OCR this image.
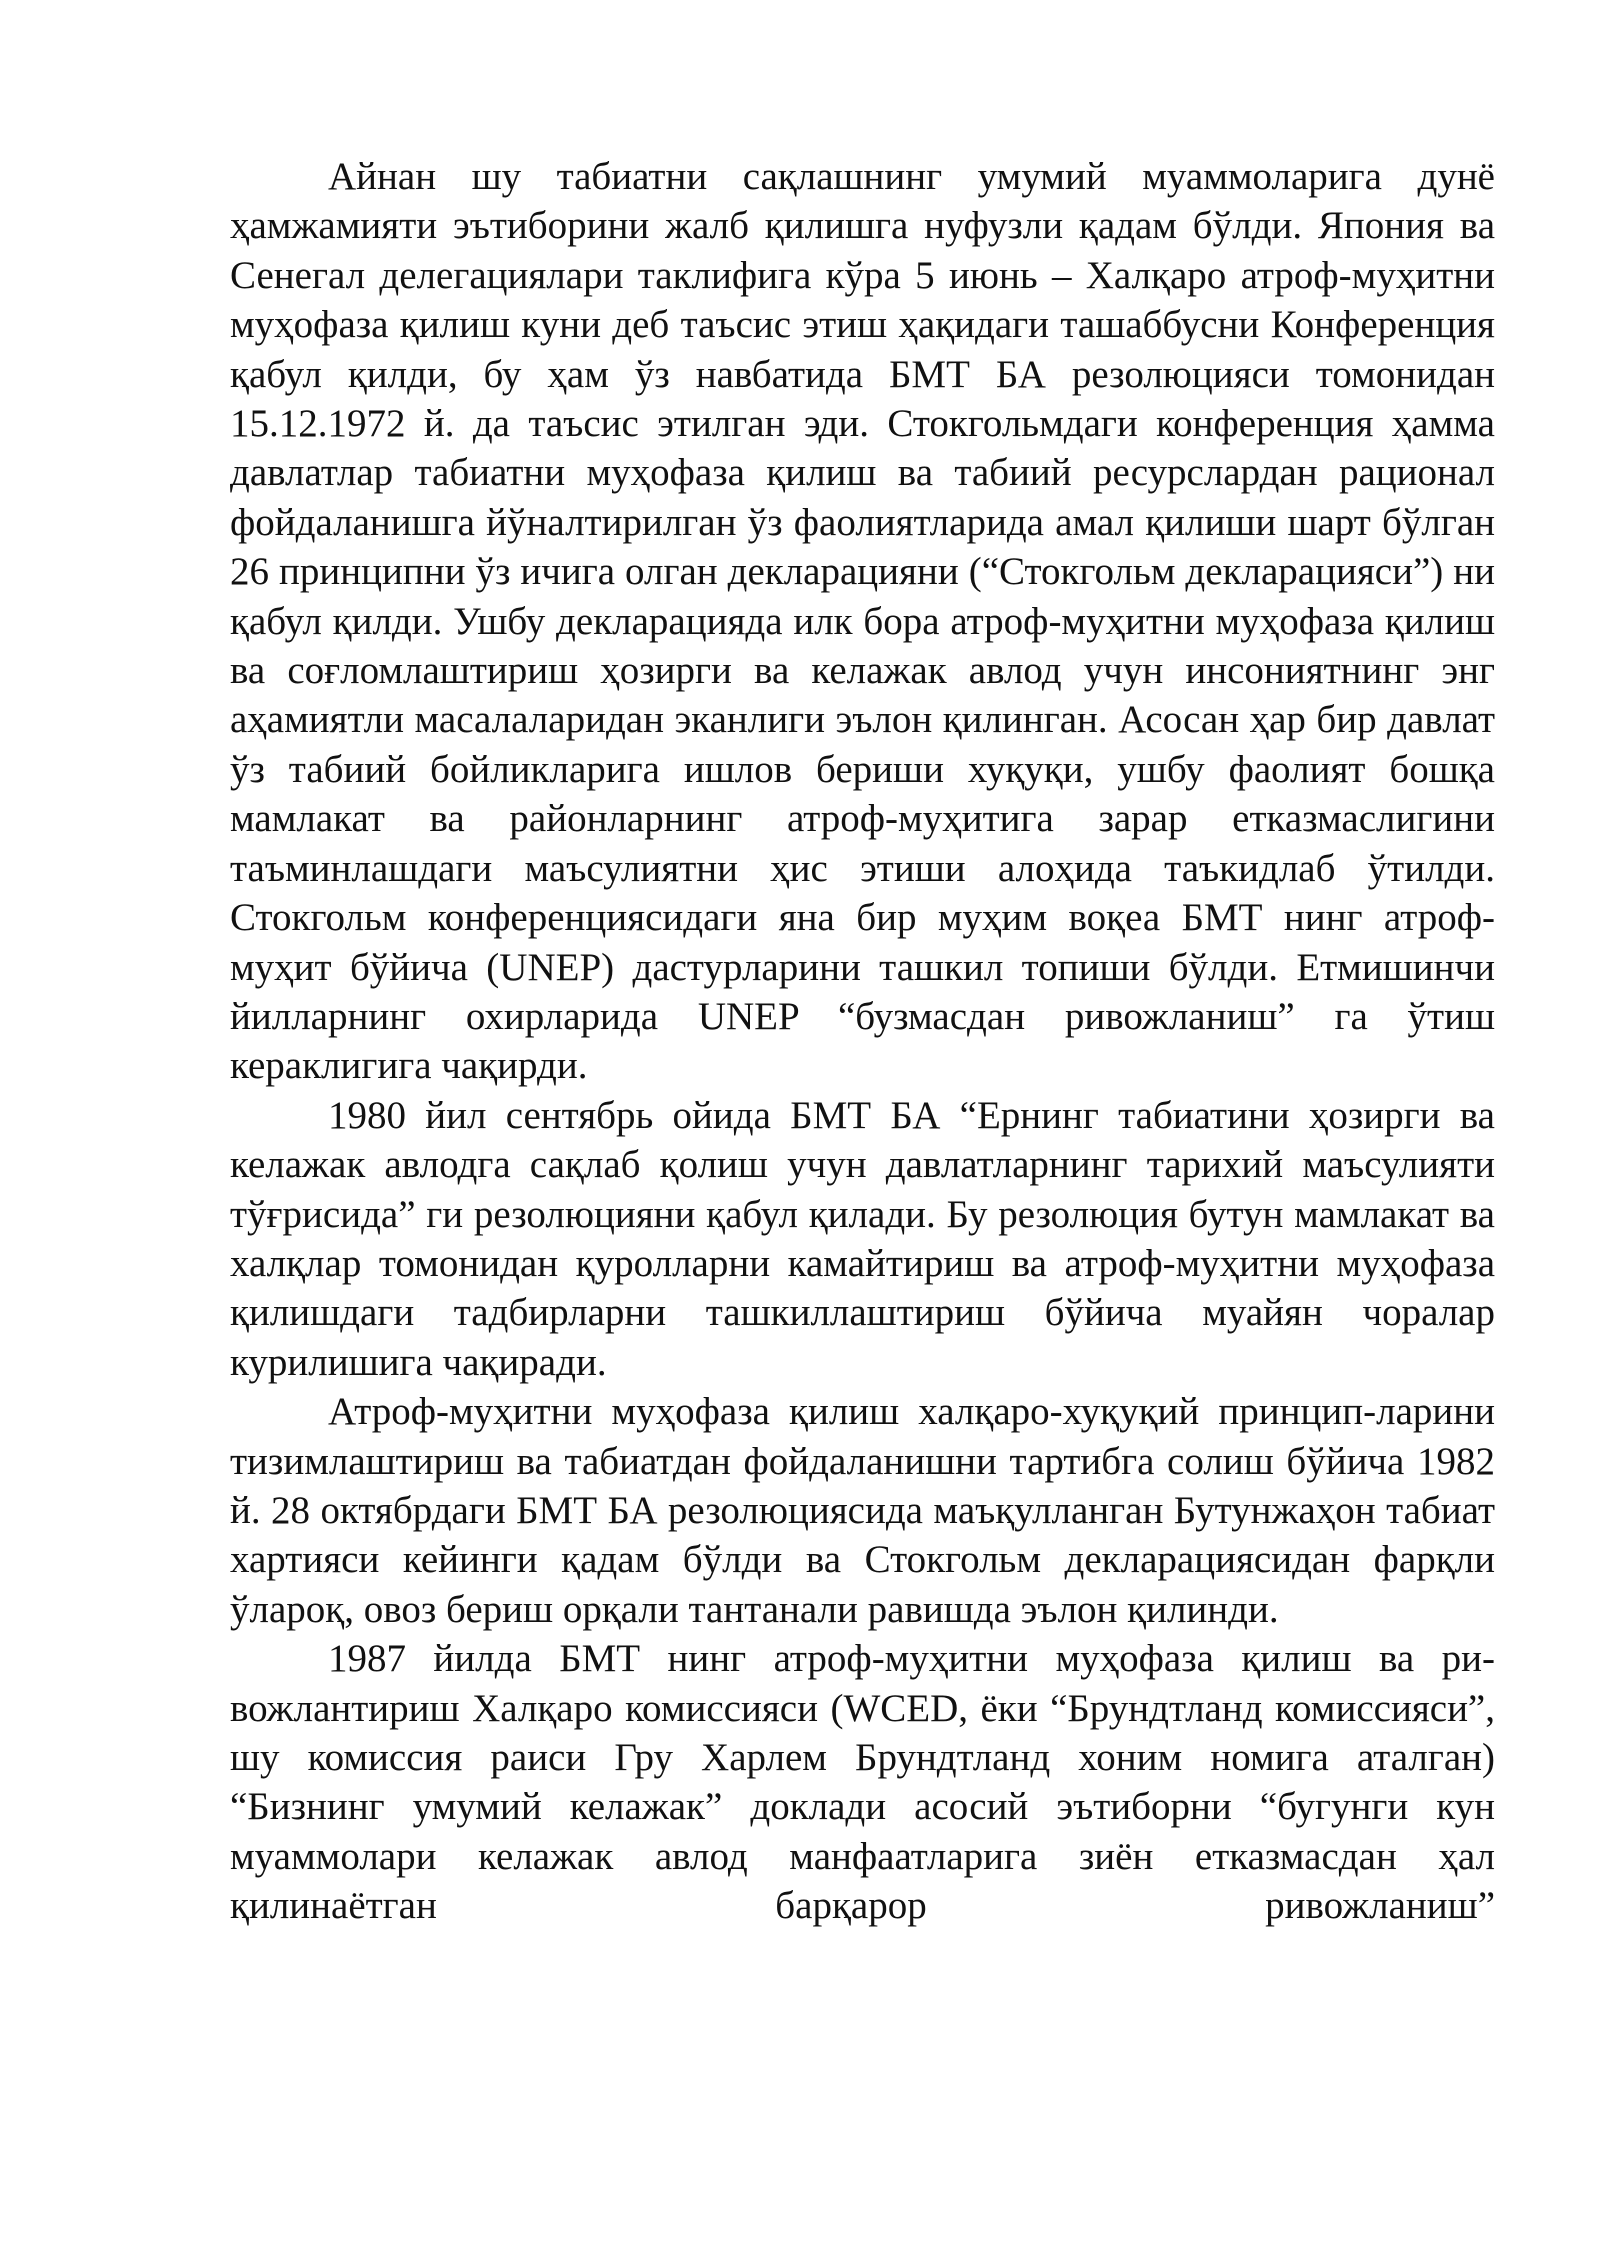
Айнан шу табиатни сақлашнинг умумий муаммоларига дунё ҳамжамияти эътиборини жалб қилишга нуфузли қадам бўлди. Япония ва Сенегал делегациялари таклифига кўра 5 июнь – Халқаро атроф-муҳитни муҳофаза қилиш куни деб таъсис этиш ҳақидаги ташаббусни Конференция қабул қилди, бу ҳам ўз навбатида БМТ БА резолюцияси томонидан 15.12.1972 й. да таъсис этилган эди. Стокгольмдаги конференция ҳамма давлатлар табиатни муҳофаза қилиш ва табиий ресурслардан рационал фойдаланишга йўналтирилган ўз фаолиятларида амал қилиши шарт бўлган 26 принципни ўз ичига олган декларацияни (“Стокгольм декларацияси”) ни қабул қилди. Ушбу декларацияда илк бора атроф-муҳитни муҳофаза қилиш ва соғломлаштириш ҳозирги ва келажак авлод учун инсониятнинг энг аҳамиятли масалаларидан эканлиги эълон қилинган. Асосан ҳар бир давлат ўз табиий бойликларига ишлов бериши хуқуқи, ушбу фаолият бошқа мамлакат ва районларнинг атроф-муҳитига зарар етказмаслигини таъминлашдаги маъсулиятни ҳис этиши алоҳида таъкидлаб ўтилди. Стокгольм конференциясидаги яна бир муҳим воқеа БМТ нинг атроф-муҳит бўйича (UNEP) дастурларини ташкил топиши бўлди. Етмишинчи йилларнинг охирларида UNEP “бузмасдан ривожланиш” га ўтиш кераклигига чақирди.

1980 йил сентябрь ойида БМТ БА “Ернинг табиатини ҳозирги ва келажак авлодга сақлаб қолиш учун давлатларнинг тарихий маъсулияти тўғрисида” ги резолюцияни қабул қилади. Бу резолюция бутун мамлакат ва халқлар томонидан қуролларни камайтириш ва атроф-муҳитни муҳофаза қилишдаги тадбирларни ташкиллаштириш бўйича муайян чоралар курилишига чақиради.

Атроф-муҳитни муҳофаза қилиш халқаро-хуқуқий принцип-ларини тизимлаштириш ва табиатдан фойдаланишни тартибга солиш бўйича 1982 й. 28 октябрдаги БМТ БА резолюциясида маъқулланган Бутунжаҳон табиат хартияси кейинги қадам бўлди ва Стокгольм декларациясидан фарқли ўлароқ, овоз бериш орқали тантанали равишда эълон қилинди.

1987 йилда БМТ нинг атроф-муҳитни муҳофаза қилиш ва ри-вожлантириш Халқаро комиссияси (WCED, ёки “Брундтланд комиссияси”, шу комиссия раиси Гру Харлем Брундтланд хоним номига аталган) “Бизнинг умумий келажак” доклади асосий эътиборни “бугунги кун муаммолари келажак авлод манфаатларига зиён етказмасдан ҳал қилинаётган барқарор ривожланиш”
